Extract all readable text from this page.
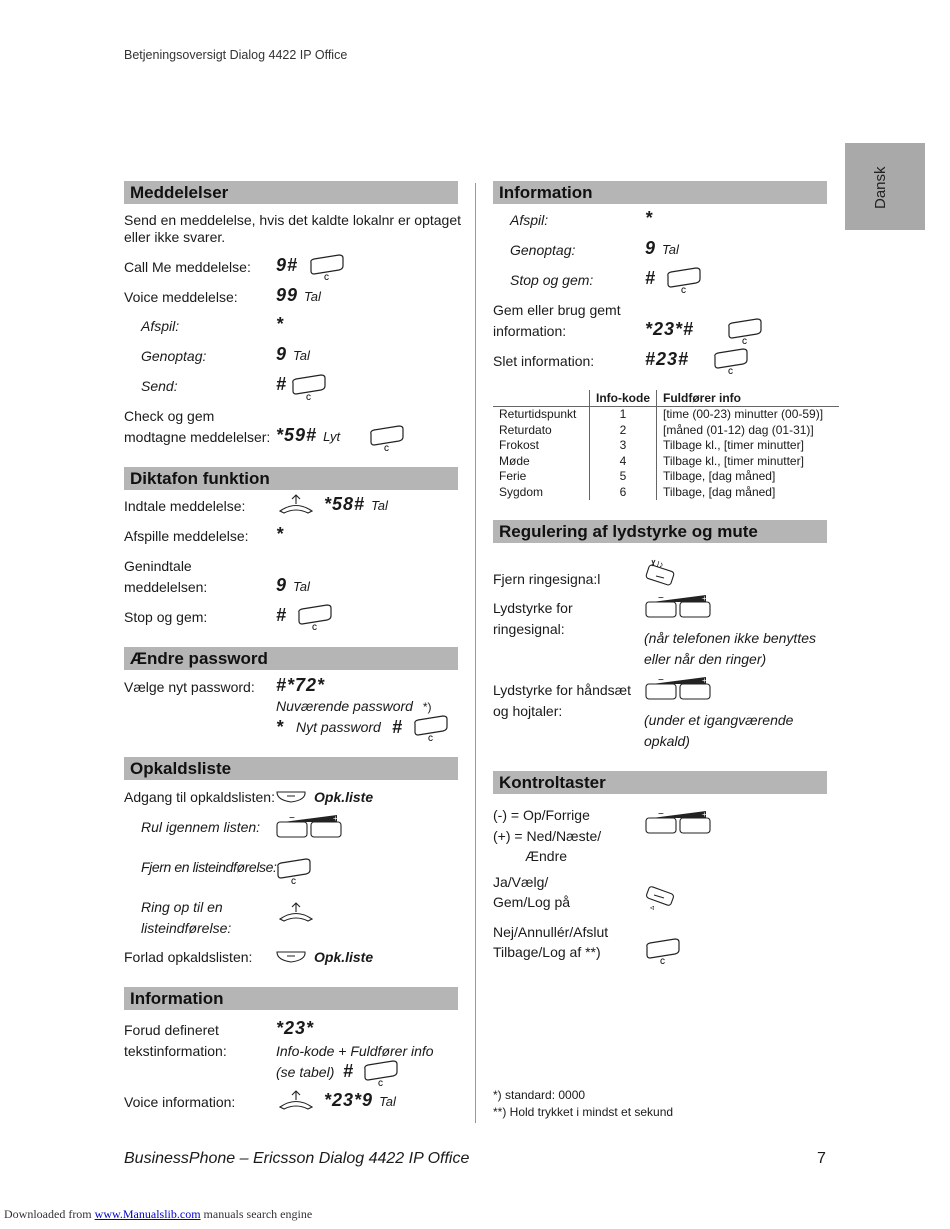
Betjeningsoversigt Dialog 4422 IP Office
Dansk
Meddelelser
Send en meddelelse, hvis det kaldte lokalnr er optaget
eller ikke svarer.
Call Me meddelelse: 9#
c
Voice meddelelse: 99 Tal
Afspil:	*
Genoptag:	9 Tal
Send:	#
c
Check og gem
modtagne meddelelser: *59# Lyt
c
Diktafon funktion
Indtale meddelelse:	*58# Tal
Afspille meddelelse: *
Genindtale
meddelelsen:	9 Tal
Stop og gem:	#
c
Ændre password
Vælge nyt password: #*72*
Nuværende password *)
* Nyt password #
c
Opkaldsliste
Adgang til opkaldslisten:	Opk.liste
Rul igennem listen:
−	+
Fjern en listeindførelse:
c
Ring op til en
listeindførelse:
Forlad opkaldslisten:	Opk.liste
Information
Forud defineret
tekstinformation:
*23*
Info-kode + Fuldfører info
(se tabel) #
c
Voice information:	*23*9 Tal
Information
Afspil:	*
Genoptag:	9 Tal
Stop og gem:	#
c
Gem eller brug gemt
information:	*23*#
c
Slet information:	#23#
c
	Info-kode	Fuldfører info
Returtidspunkt	1	[time (00-23) minutter (00-59)]
Returdato	2	[måned (01-12) dag (01-31)]
Frokost	3	Tilbage kl., [timer minutter]
Møde	4	Tilbage kl., [timer minutter]
Ferie	5	Tilbage, [dag måned]
Sygdom	6	Tilbage, [dag måned]
Regulering af lydstyrke og mute
Fjern ringesigna:l
/♪
Lydstyrke for
ringesignal:
−	+
(når telefonen ikke benyttes
eller når den ringer)
Lydstyrke for håndsæt
og hojtaler:
−	+
(under et igangværende
opkald)
Kontroltaster
(-) = Op/Forrige
(+) = Ned/Næste/
Ændre
−	+
Ja/Vælg/
Gem/Log på	◃
Nej/Annullér/Afslut
Tilbage/Log af **)
c
*) standard: 0000
**) Hold trykket i mindst et sekund
BusinessPhone – Ericsson Dialog 4422 IP Office	7
Downloaded from www.Manualslib.com manuals search engine
